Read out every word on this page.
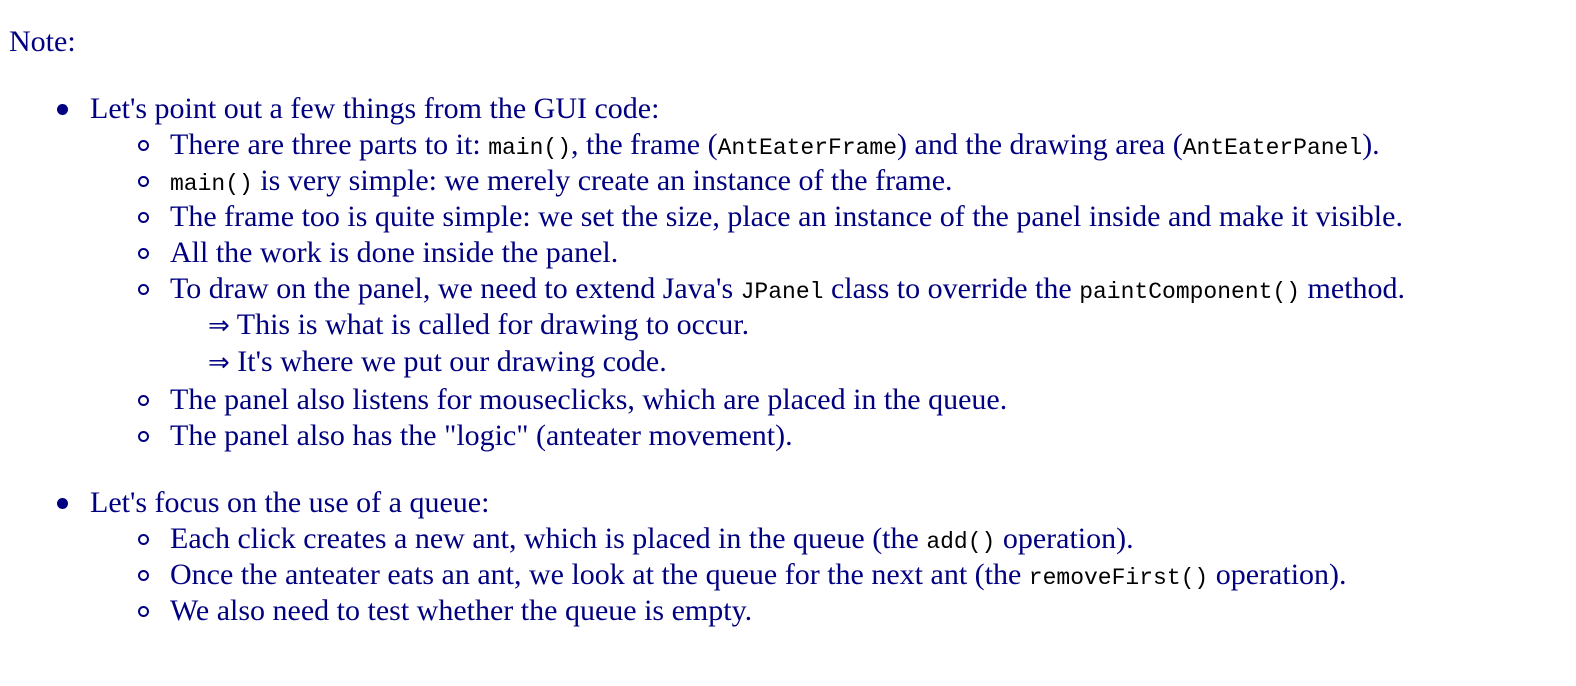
Note:

Let's point out a few things from the GUI code:
There are three parts to it: main(), the frame (AntEaterFrame) and the drawing area (AntEaterPanel).
main() is very simple: we merely create an instance of the frame.
The frame too is quite simple: we set the size, place an instance of the panel inside and make it visible.
All the work is done inside the panel.
To draw on the panel, we need to extend Java's JPanel class to override the paintComponent() method.
⇒ This is what is called for drawing to occur.
⇒ It's where we put our drawing code.
The panel also listens for mouseclicks, which are placed in the queue.
The panel also has the "logic" (anteater movement).
Let's focus on the use of a queue:
Each click creates a new ant, which is placed in the queue (the add() operation).
Once the anteater eats an ant, we look at the queue for the next ant (the removeFirst() operation).
We also need to test whether the queue is empty.
